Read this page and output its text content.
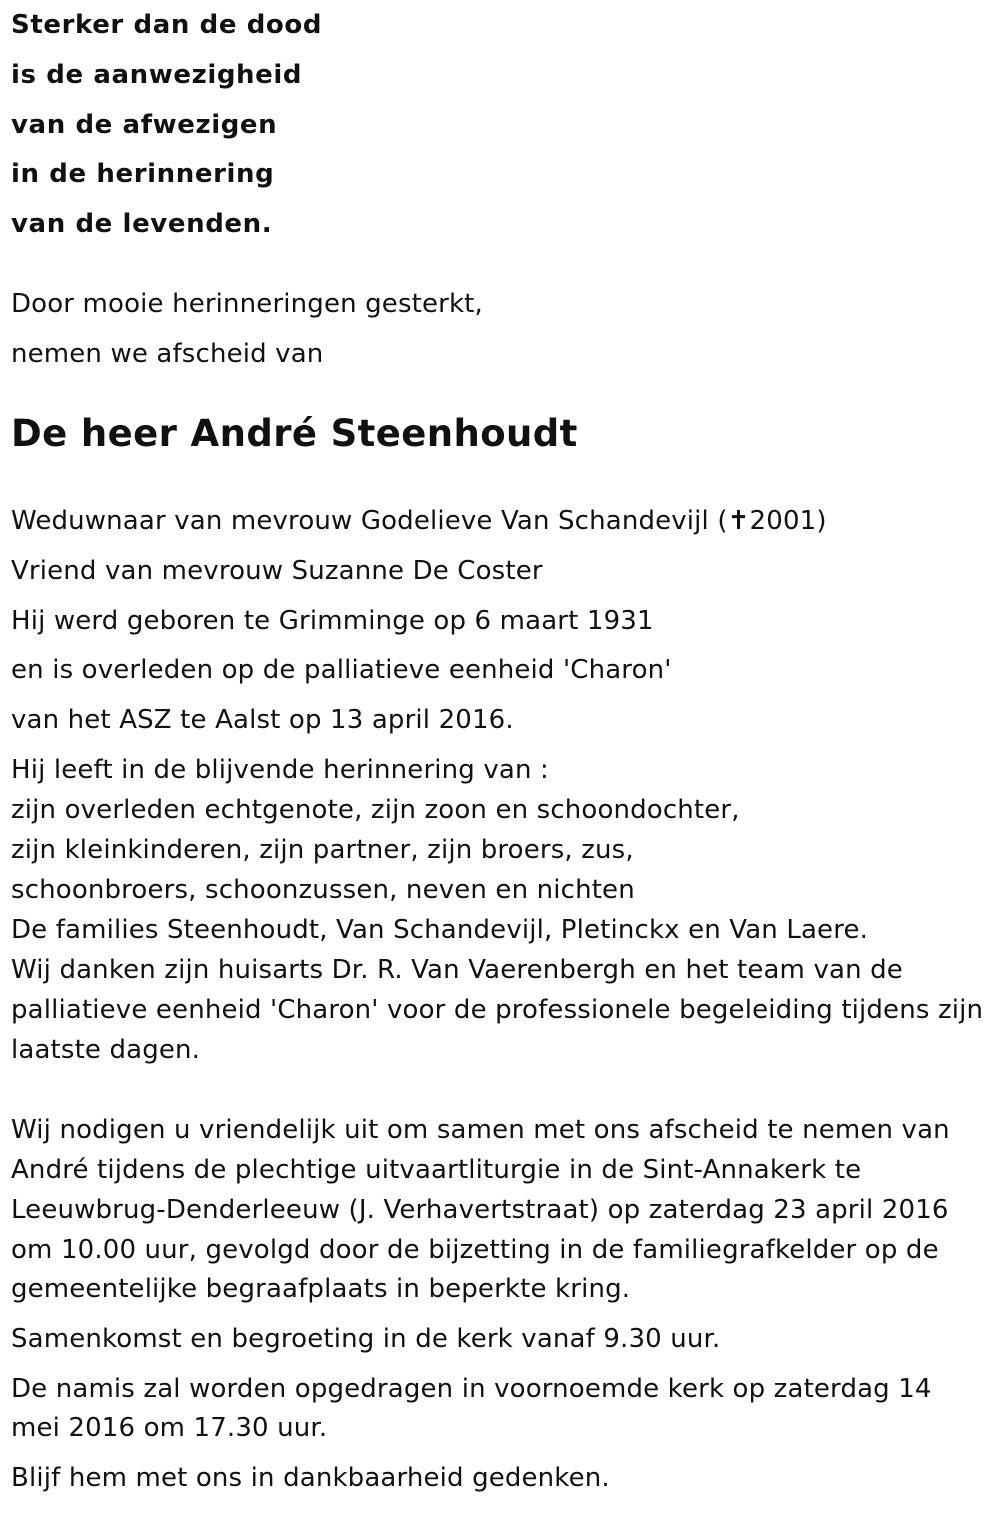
Sterker dan de dood
is de aanwezigheid
van de afwezigen
in de herinnering
van de levenden.
Door mooie herinneringen gesterkt,
nemen we afscheid van
De heer André Steenhoudt
Weduwnaar van mevrouw Godelieve Van Schandevijl (✝2001)
Vriend van mevrouw Suzanne De Coster
Hij werd geboren te Grimminge op 6 maart 1931
en is overleden op de palliatieve eenheid 'Charon'
van het ASZ te Aalst op 13 april 2016.
Hij leeft in de blijvende herinnering van :
zijn overleden echtgenote, zijn zoon en schoondochter,
zijn kleinkinderen, zijn partner, zijn broers, zus,
schoonbroers, schoonzussen, neven en nichten
De families Steenhoudt, Van Schandevijl, Pletinckx en Van Laere.
Wij danken zijn huisarts Dr. R. Van Vaerenbergh en het team van de
palliatieve eenheid 'Charon' voor de professionele begeleiding tijdens zijn
laatste dagen.
Wij nodigen u vriendelijk uit om samen met ons afscheid te nemen van
André tijdens de plechtige uitvaartliturgie in de Sint-Annakerk te
Leeuwbrug-Denderleeuw (J. Verhavertstraat) op zaterdag 23 april 2016
om 10.00 uur, gevolgd door de bijzetting in de familiegrafkelder op de
gemeentelijke begraafplaats in beperkte kring.
Samenkomst en begroeting in de kerk vanaf 9.30 uur.
De namis zal worden opgedragen in voornoemde kerk op zaterdag 14
mei 2016 om 17.30 uur.
Blijf hem met ons in dankbaarheid gedenken.
